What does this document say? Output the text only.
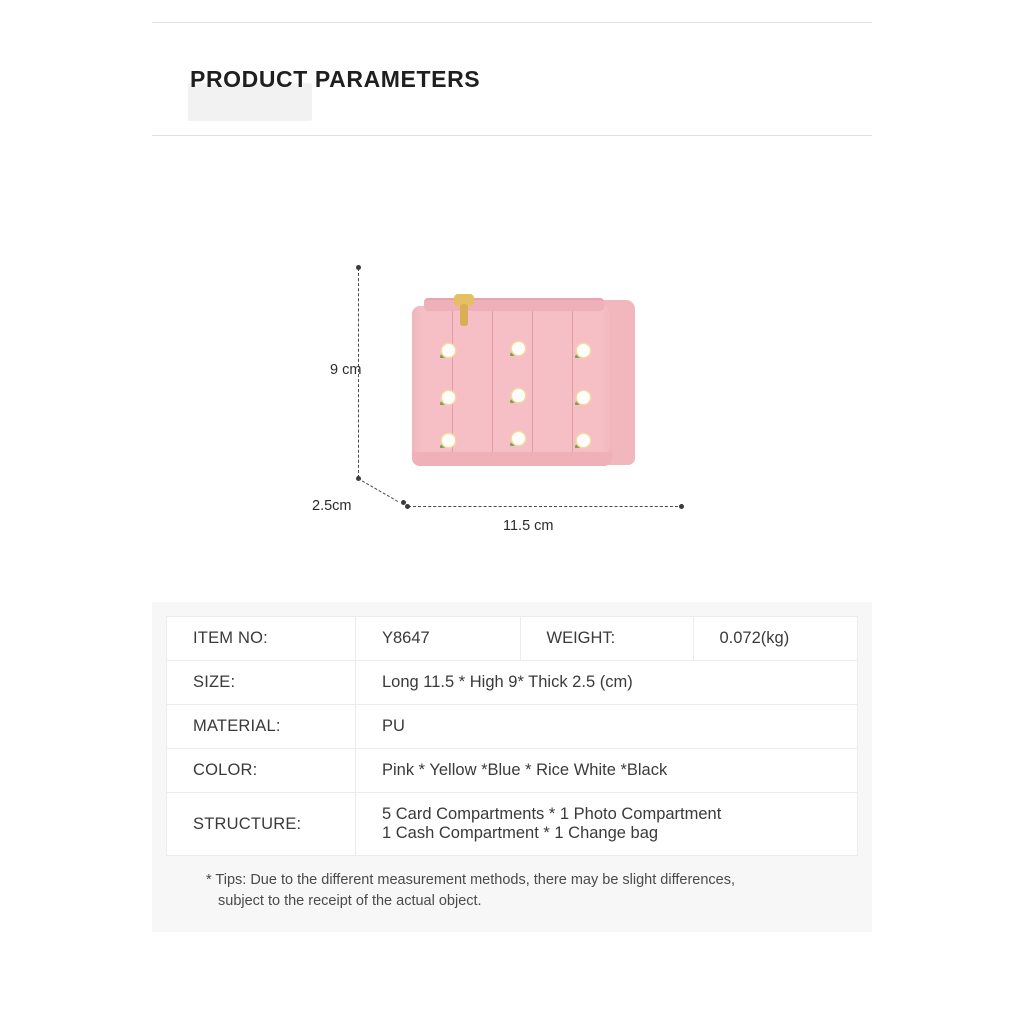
PRODUCT PARAMETERS
9 cm
11.5 cm
2.5cm
ITEM NO:	Y8647	WEIGHT:	0.072(kg)
SIZE:	Long 11.5 * High 9* Thick 2.5 (cm)		
MATERIAL:	PU		
COLOR:	Pink * Yellow *Blue * Rice White *Black		
STRUCTURE:	5 Card Compartments * 1 Photo Compartment
1 Cash Compartment * 1 Change bag		
* Tips: Due to the different measurement methods, there may be slight differences,
subject to the receipt of the actual object.
